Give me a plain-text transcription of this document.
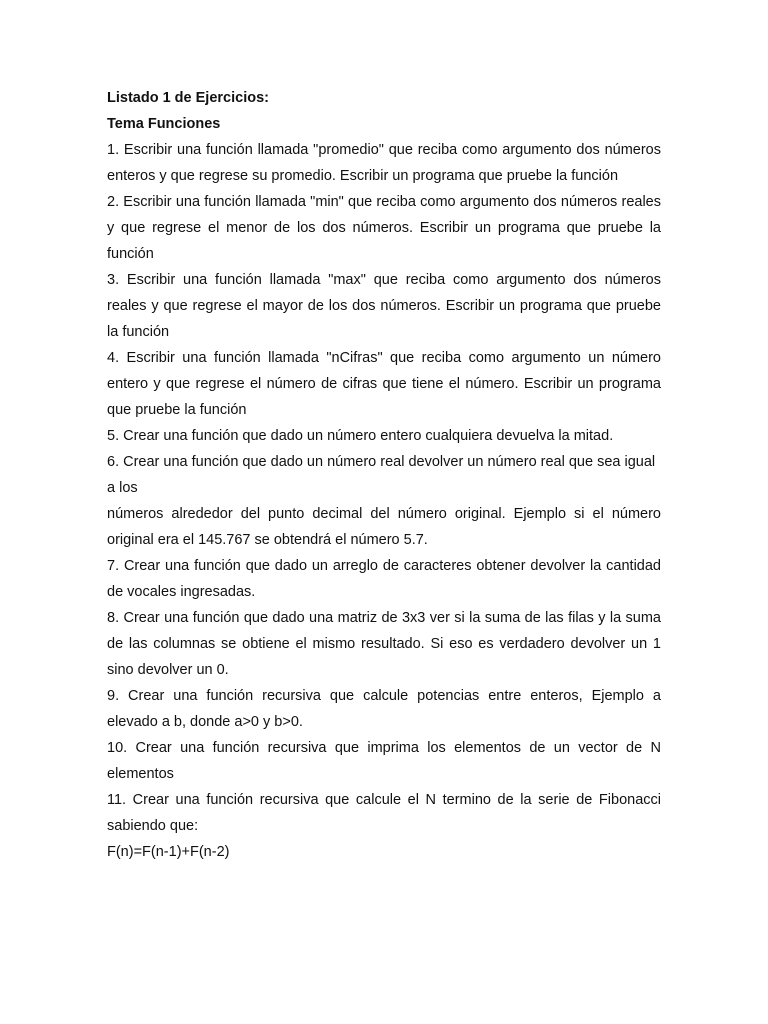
Listado 1 de Ejercicios:

Tema Funciones

1. Escribir una función llamada "promedio" que reciba como argumento dos números enteros y que regrese su promedio. Escribir un programa que pruebe la función

2. Escribir una función llamada "min" que reciba como argumento dos números reales y que regrese el menor de los dos números. Escribir un programa que pruebe la función

3. Escribir una función llamada "max" que reciba como argumento dos números reales y que regrese el mayor de los dos números. Escribir un programa que pruebe la función

4. Escribir una función llamada "nCifras" que reciba como argumento un número entero y que regrese el número de cifras que tiene el número. Escribir un programa que pruebe la función

5. Crear una función que dado un número entero cualquiera devuelva la mitad.

6. Crear una función que dado un número real devolver un número real que sea igual a los

números alrededor del punto decimal del número original. Ejemplo si el número original era el 145.767 se obtendrá el número 5.7.

7. Crear una función que dado un arreglo de caracteres obtener devolver la cantidad de vocales ingresadas.

8. Crear una función que dado una matriz de 3x3 ver si la suma de las filas y la suma de las columnas se obtiene el mismo resultado. Si eso es verdadero devolver un 1 sino devolver un 0.

9. Crear una función recursiva que calcule potencias entre enteros, Ejemplo a elevado a b, donde a>0 y b>0.

10. Crear una función recursiva que imprima los elementos de un vector de N elementos

11. Crear una función recursiva que calcule el N termino de la serie de Fibonacci sabiendo que:

F(n)=F(n-1)+F(n-2)
